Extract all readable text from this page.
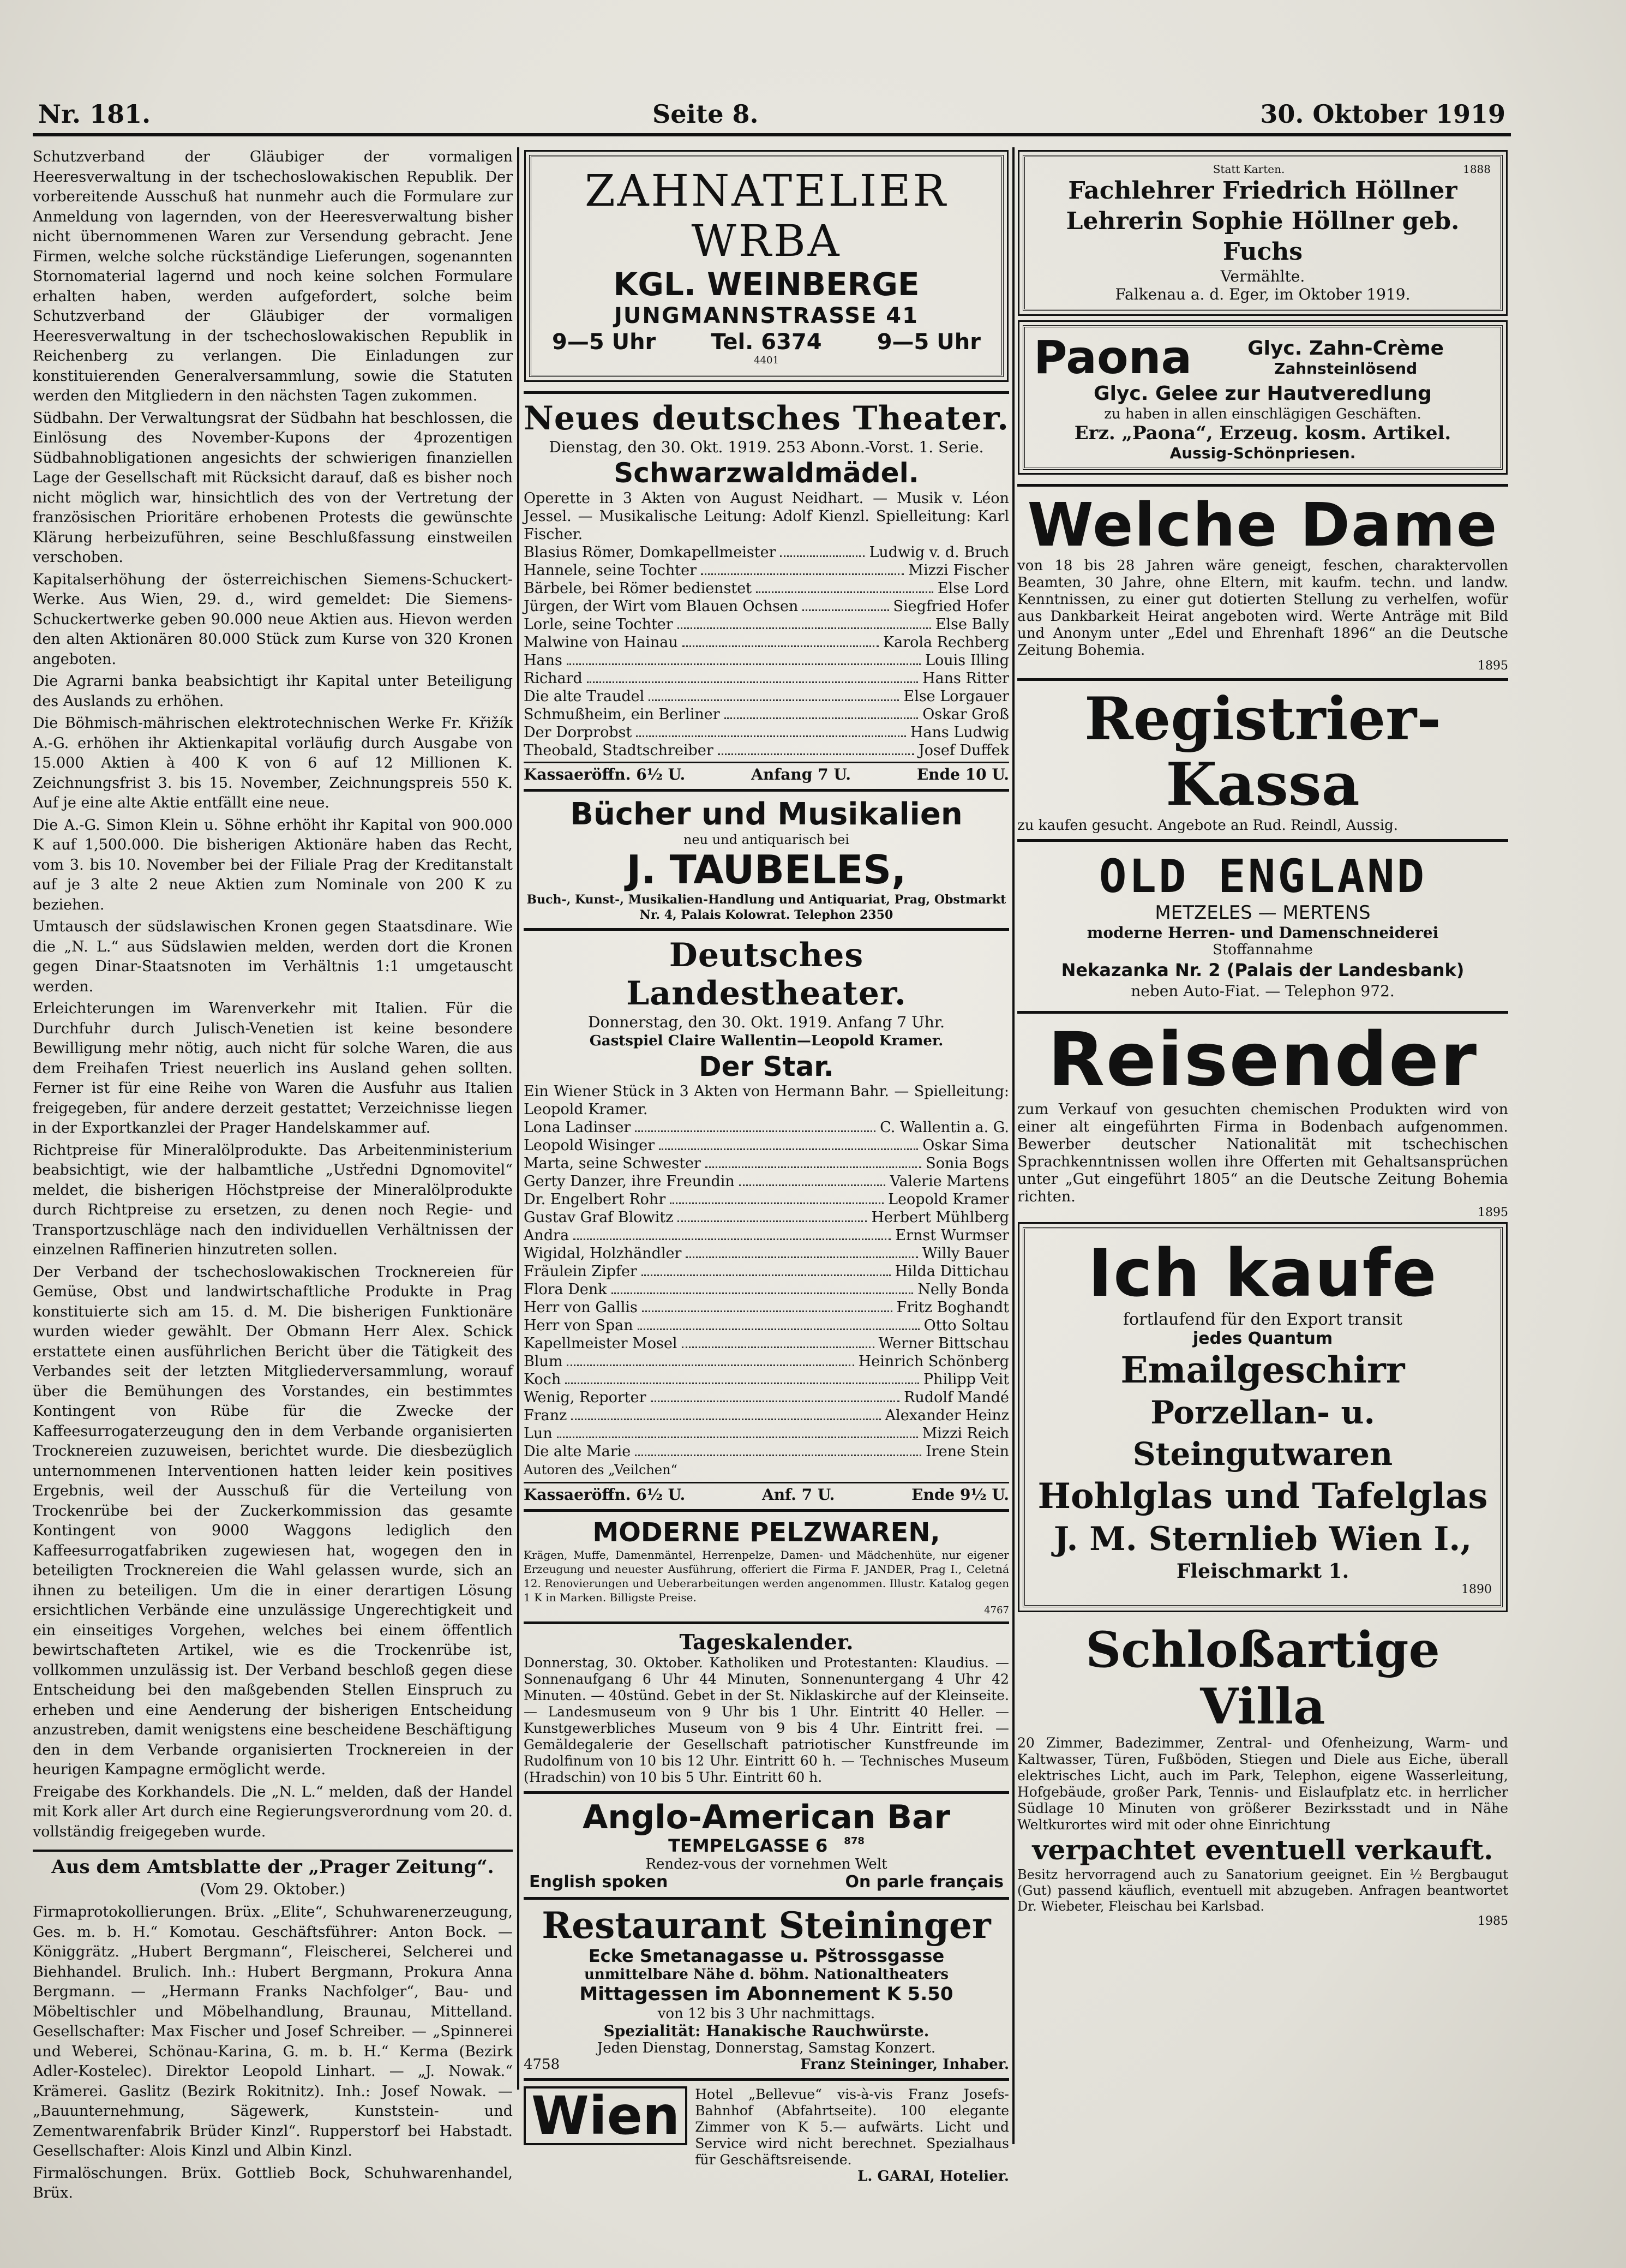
Nr. 181.	Seite 8.	30. Oktober 1919

Schutzverband der Gläubiger der vormaligen Heeresverwaltung in der tschechoslowakischen Republik. Der vorbereitende Ausschuß hat nunmehr auch die Formulare zur Anmeldung von lagernden, von der Heeresverwaltung bisher nicht übernommenen Waren zur Versendung gebracht. Jene Firmen, welche solche rückständige Lieferungen, sogenannten Stornomaterial lagernd und noch keine solchen Formulare erhalten haben, werden aufgefordert, solche beim Schutzverband der Gläubiger der vormaligen Heeresverwaltung in der tschechoslowakischen Republik in Reichenberg zu verlangen. Die Einladungen zur konstituierenden Generalversammlung, sowie die Statuten werden den Mitgliedern in den nächsten Tagen zukommen.

Südbahn. Der Verwaltungsrat der Südbahn hat beschlossen, die Einlösung des November-Kupons der 4prozentigen Südbahnobligationen angesichts der schwierigen finanziellen Lage der Gesellschaft mit Rücksicht darauf, daß es bisher noch nicht möglich war, hinsichtlich des von der Vertretung der französischen Prioritäre erhobenen Protests die gewünschte Klärung herbeizuführen, seine Beschlußfassung einstweilen verschoben.

Kapitalserhöhung der österreichischen Siemens-Schuckert-Werke. Aus Wien, 29. d., wird gemeldet: Die Siemens-Schuckertwerke geben 90.000 neue Aktien aus. Hievon werden den alten Aktionären 80.000 Stück zum Kurse von 320 Kronen angeboten.

Die Agrarni banka beabsichtigt ihr Kapital unter Beteiligung des Auslands zu erhöhen.

Die Böhmisch-mährischen elektrotechnischen Werke Fr. Křižík A.-G. erhöhen ihr Aktienkapital vorläufig durch Ausgabe von 15.000 Aktien à 400 K von 6 auf 12 Millionen K. Zeichnungsfrist 3. bis 15. November, Zeichnungspreis 550 K. Auf je eine alte Aktie entfällt eine neue.

Die A.-G. Simon Klein u. Söhne erhöht ihr Kapital von 900.000 K auf 1,500.000. Die bisherigen Aktionäre haben das Recht, vom 3. bis 10. November bei der Filiale Prag der Kreditanstalt auf je 3 alte 2 neue Aktien zum Nominale von 200 K zu beziehen.

Umtausch der südslawischen Kronen gegen Staatsdinare. Wie die „N. L.“ aus Südslawien melden, werden dort die Kronen gegen Dinar-Staatsnoten im Verhältnis 1:1 umgetauscht werden.

Erleichterungen im Warenverkehr mit Italien. Für die Durchfuhr durch Julisch-Venetien ist keine besondere Bewilligung mehr nötig, auch nicht für solche Waren, die aus dem Freihafen Triest neuerlich ins Ausland gehen sollten. Ferner ist für eine Reihe von Waren die Ausfuhr aus Italien freigegeben, für andere derzeit gestattet; Verzeichnisse liegen in der Exportkanzlei der Prager Handelskammer auf.

Richtpreise für Mineralölprodukte. Das Arbeitenministerium beabsichtigt, wie der halbamtliche „Ustředni Dgnomovitel“ meldet, die bisherigen Höchstpreise der Mineralölprodukte durch Richtpreise zu ersetzen, zu denen noch Regie- und Transportzuschläge nach den individuellen Verhältnissen der einzelnen Raffinerien hinzutreten sollen.

Der Verband der tschechoslowakischen Trocknereien für Gemüse, Obst und landwirtschaftliche Produkte in Prag konstituierte sich am 15. d. M. Die bisherigen Funktionäre wurden wieder gewählt. Der Obmann Herr Alex. Schick erstattete einen ausführlichen Bericht über die Tätigkeit des Verbandes seit der letzten Mitgliederversammlung, worauf über die Bemühungen des Vorstandes, ein bestimmtes Kontingent von Rübe für die Zwecke der Kaffeesurrogaterzeugung den in dem Verbande organisierten Trocknereien zuzuweisen, berichtet wurde. Die diesbezüglich unternommenen Interventionen hatten leider kein positives Ergebnis, weil der Ausschuß für die Verteilung von Trockenrübe bei der Zuckerkommission das gesamte Kontingent von 9000 Waggons lediglich den Kaffeesurrogatfabriken zugewiesen hat, wogegen den in beteiligten Trocknereien die Wahl gelassen wurde, sich an ihnen zu beteiligen. Um die in einer derartigen Lösung ersichtlichen Verbände eine unzulässige Ungerechtigkeit und ein einseitiges Vorgehen, welches bei einem öffentlich bewirtschafteten Artikel, wie es die Trockenrübe ist, vollkommen unzulässig ist. Der Verband beschloß gegen diese Entscheidung bei den maßgebenden Stellen Einspruch zu erheben und eine Aenderung der bisherigen Entscheidung anzustreben, damit wenigstens eine bescheidene Beschäftigung den in dem Verbande organisierten Trocknereien in der heurigen Kampagne ermöglicht werde.

Freigabe des Korkhandels. Die „N. L.“ melden, daß der Handel mit Kork aller Art durch eine Regierungsverordnung vom 20. d. vollständig freigegeben wurde.

Aus dem Amtsblatte der „Prager Zeitung“.
(Vom 29. Oktober.)

Firmaprotokollierungen. Brüx. „Elite“, Schuhwarenerzeugung, Ges. m. b. H.“ Komotau. Geschäftsführer: Anton Bock. — Königgrätz. „Hubert Bergmann“, Fleischerei, Selcherei und Biehhandel. Brulich. Inh.: Hubert Bergmann, Prokura Anna Bergmann. — „Hermann Franks Nachfolger“, Bau- und Möbeltischler und Möbelhandlung, Braunau, Mittelland. Gesellschafter: Max Fischer und Josef Schreiber. — „Spinnerei und Weberei, Schönau-Karina, G. m. b. H.“ Kerma (Bezirk Adler-Kostelec). Direktor Leopold Linhart. — „J. Nowak.“ Krämerei. Gaslitz (Bezirk Rokitnitz). Inh.: Josef Nowak. — „Bauunternehmung, Sägewerk, Kunststein- und Zementwarenfabrik Brüder Kinzl“. Rupperstorf bei Habstadt. Gesellschafter: Alois Kinzl und Albin Kinzl.

Firmalöschungen. Brüx. Gottlieb Bock, Schuhwarenhandel, Brüx.

ZAHNATELIER WRBA
KGL. WEINBERGE
JUNGMANNSTRASSE 41
9—5 Uhr	Tel. 6374	9—5 Uhr
4401
Neues deutsches Theater.
Dienstag, den 30. Okt. 1919. 253 Abonn.-Vorst. 1. Serie.
Schwarzwaldmädel.
Operette in 3 Akten von August Neidhart. — Musik v. Léon Jessel. — Musikalische Leitung: Adolf Kienzl. Spielleitung: Karl Fischer.
Blasius Römer, Domkapellmeister	Ludwig v. d. Bruch
Hannele, seine Tochter	Mizzi Fischer
Bärbele, bei Römer bedienstet	Else Lord
Jürgen, der Wirt vom Blauen Ochsen	Siegfried Hofer
Lorle, seine Tochter	Else Bally
Malwine von Hainau	Karola Rechberg
Hans	Louis Illing
Richard	Hans Ritter
Die alte Traudel	Else Lorgauer
Schmußheim, ein Berliner	Oskar Groß
Der Dorprobst	Hans Ludwig
Theobald, Stadtschreiber	Josef Duffek
Kassaeröffn. 6½ U.	Anfang 7 U.	Ende 10 U.
Bücher und Musikalien
neu und antiquarisch bei
J. TAUBELES,
Buch-, Kunst-, Musikalien-Handlung und Antiquariat, Prag, Obstmarkt Nr. 4, Palais Kolowrat. Telephon 2350
Deutsches Landestheater.
Donnerstag, den 30. Okt. 1919. Anfang 7 Uhr.
Gastspiel Claire Wallentin—Leopold Kramer.
Der Star.
Ein Wiener Stück in 3 Akten von Hermann Bahr. — Spielleitung: Leopold Kramer.
Lona Ladinser	C. Wallentin a. G.
Leopold Wisinger	Oskar Sima
Marta, seine Schwester	Sonia Bogs
Gerty Danzer, ihre Freundin	Valerie Martens
Dr. Engelbert Rohr	Leopold Kramer
Gustav Graf Blowitz	Herbert Mühlberg
Andra	Ernst Wurmser
Wigidal, Holzhändler	Willy Bauer
Fräulein Zipfer	Hilda Dittichau
Flora Denk	Nelly Bonda
Herr von Gallis	Fritz Boghandt
Herr von Span	Otto Soltau
Kapellmeister Mosel	Werner Bittschau
Blum	Heinrich Schönberg
Koch	Philipp Veit
Wenig, Reporter	Rudolf Mandé
Franz	Alexander Heinz
Lun	Mizzi Reich
Die alte Marie	Irene Stein
Autoren des „Veilchen“
Kassaeröffn. 6½ U.	Anf. 7 U.	Ende 9½ U.
MODERNE PELZWAREN,
Krägen, Muffe, Damenmäntel, Herrenpelze, Damen- und Mädchenhüte, nur eigener Erzeugung und neuester Ausführung, offeriert die Firma F. JANDER, Prag I., Celetná 12. Renovierungen und Ueberarbeitungen werden angenommen. Illustr. Katalog gegen 1 K in Marken. Billigste Preise.
4767
Tageskalender.
Donnerstag, 30. Oktober. Katholiken und Protestanten: Klaudius. — Sonnenaufgang 6 Uhr 44 Minuten, Sonnenuntergang 4 Uhr 42 Minuten. — 40stünd. Gebet in der St. Niklaskirche auf der Kleinseite. — Landesmuseum von 9 Uhr bis 1 Uhr. Eintritt 40 Heller. — Kunstgewerbliches Museum von 9 bis 4 Uhr. Eintritt frei. — Gemäldegalerie der Gesellschaft patriotischer Kunstfreunde im Rudolfinum von 10 bis 12 Uhr. Eintritt 60 h. — Technisches Museum (Hradschin) von 10 bis 5 Uhr. Eintritt 60 h.
Anglo-American Bar
TEMPELGASSE 6 878
Rendez-vous der vornehmen Welt
English spoken	On parle français
Restaurant Steininger
Ecke Smetanagasse u. Pštrossgasse
unmittelbare Nähe d. böhm. Nationaltheaters
Mittagessen im Abonnement K 5.50
von 12 bis 3 Uhr nachmittags.
Spezialität: Hanakische Rauchwürste.
Jeden Dienstag, Donnerstag, Samstag Konzert.
4758	Franz Steininger, Inhaber.
Wien	Hotel „Bellevue“ vis-à-vis Franz Josefs-Bahnhof (Abfahrtseite). 100 elegante Zimmer von K 5.— aufwärts. Licht und Service wird nicht berechnet. Spezialhaus für Geschäftsreisende.
L. GARAI, Hotelier.
Statt Karten.	1888
Fachlehrer Friedrich Höllner
Lehrerin Sophie Höllner geb. Fuchs
Vermählte.
Falkenau a. d. Eger, im Oktober 1919.
Paona	Glyc. Zahn-Crème
Zahnsteinlösend
Glyc. Gelee zur Hautveredlung
zu haben in allen einschlägigen Geschäften.
Erz. „Paona“, Erzeug. kosm. Artikel.
Aussig-Schönpriesen.
Welche Dame
von 18 bis 28 Jahren wäre geneigt, feschen, charaktervollen Beamten, 30 Jahre, ohne Eltern, mit kaufm. techn. und landw. Kenntnissen, zu einer gut dotierten Stellung zu verhelfen, wofür aus Dankbarkeit Heirat angeboten wird. Werte Anträge mit Bild und Anonym unter „Edel und Ehrenhaft 1896“ an die Deutsche Zeitung Bohemia.
1895
Registrier-Kassa
zu kaufen gesucht. Angebote an Rud. Reindl, Aussig.
OLD ENGLAND
METZELES — MERTENS
moderne Herren- und Damenschneiderei
Stoffannahme
Nekazanka Nr. 2 (Palais der Landesbank)
neben Auto-Fiat. — Telephon 972.
Reisender
zum Verkauf von gesuchten chemischen Produkten wird von einer alt eingeführten Firma in Bodenbach aufgenommen. Bewerber deutscher Nationalität mit tschechischen Sprachkenntnissen wollen ihre Offerten mit Gehaltsansprüchen unter „Gut eingeführt 1805“ an die Deutsche Zeitung Bohemia richten.
1895
Ich kaufe
fortlaufend für den Export transit
jedes Quantum
Emailgeschirr
Porzellan- u. Steingutwaren
Hohlglas und Tafelglas
J. M. Sternlieb Wien I.,
Fleischmarkt 1.
1890
Schloßartige Villa
20 Zimmer, Badezimmer, Zentral- und Ofenheizung, Warm- und Kaltwasser, Türen, Fußböden, Stiegen und Diele aus Eiche, überall elektrisches Licht, auch im Park, Telephon, eigene Wasserleitung, Hofgebäude, großer Park, Tennis- und Eislaufplatz etc. in herrlicher Südlage 10 Minuten von größerer Bezirksstadt und in Nähe Weltkurortes wird mit oder ohne Einrichtung
verpachtet eventuell verkauft.
Besitz hervorragend auch zu Sanatorium geeignet. Ein ½ Bergbaugut (Gut) passend käuflich, eventuell mit abzugeben. Anfragen beantwortet Dr. Wiebeter, Fleischau bei Karlsbad.
1985
